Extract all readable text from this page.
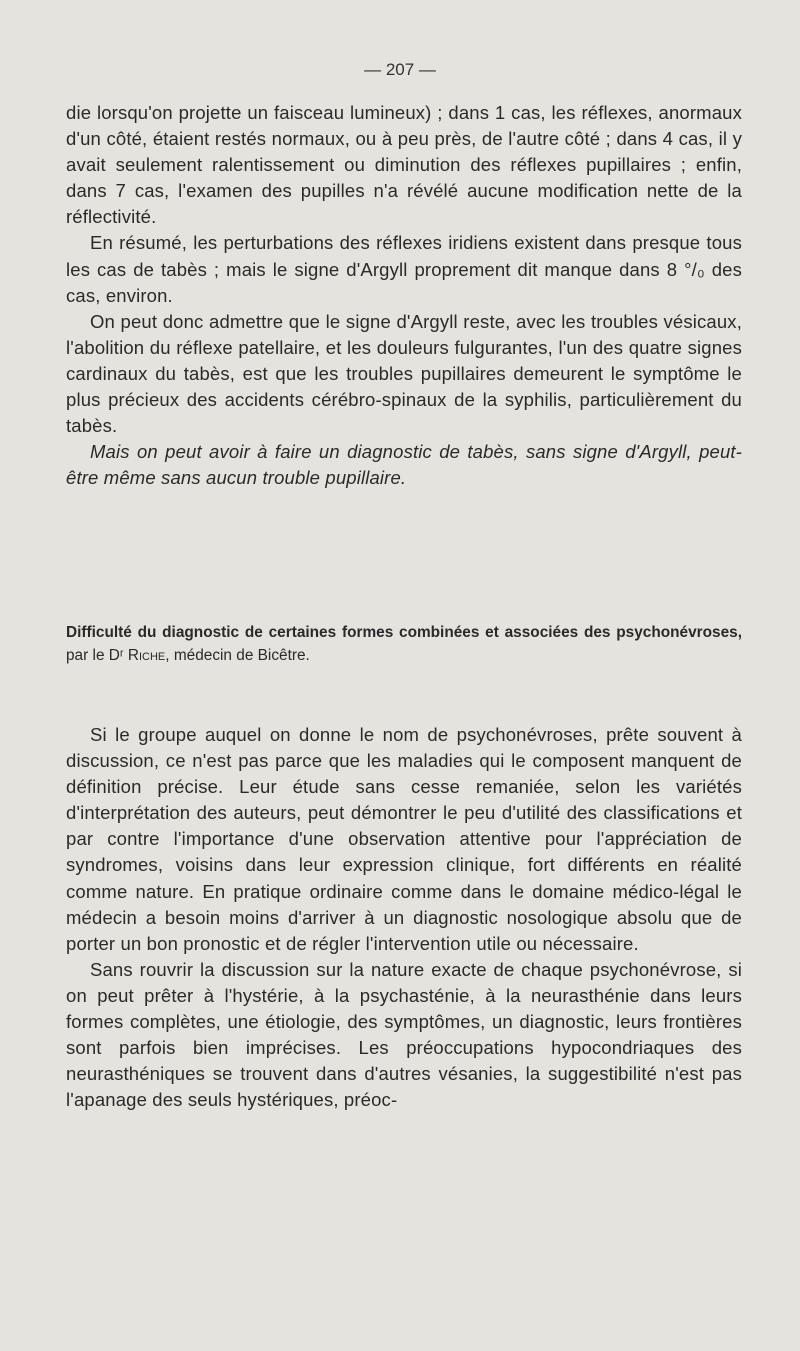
— 207 —

die lorsqu'on projette un faisceau lumineux) ; dans 1 cas, les réflexes, anormaux d'un côté, étaient restés normaux, ou à peu près, de l'autre côté ; dans 4 cas, il y avait seulement ralentissement ou diminution des réflexes pupillaires ; enfin, dans 7 cas, l'examen des pupilles n'a révélé aucune modification nette de la réflectivité.

En résumé, les perturbations des réflexes iridiens existent dans presque tous les cas de tabès ; mais le signe d'Argyll proprement dit manque dans 8 °/₀ des cas, environ.

On peut donc admettre que le signe d'Argyll reste, avec les troubles vésicaux, l'abolition du réflexe patellaire, et les douleurs fulgurantes, l'un des quatre signes cardinaux du tabès, est que les troubles pupillaires demeurent le symptôme le plus précieux des accidents cérébro-spinaux de la syphilis, particulièrement du tabès.

Mais on peut avoir à faire un diagnostic de tabès, sans signe d'Argyll, peut-être même sans aucun trouble pupillaire.

Difficulté du diagnostic de certaines formes combinées et associées des psychonévroses, par le Dʳ Riche, médecin de Bicêtre.

Si le groupe auquel on donne le nom de psychonévroses, prête souvent à discussion, ce n'est pas parce que les maladies qui le composent manquent de définition précise. Leur étude sans cesse remaniée, selon les variétés d'interprétation des auteurs, peut démontrer le peu d'utilité des classifications et par contre l'importance d'une observation attentive pour l'appréciation de syndromes, voisins dans leur expression clinique, fort différents en réalité comme nature. En pratique ordinaire comme dans le domaine médico-légal le médecin a besoin moins d'arriver à un diagnostic nosologique absolu que de porter un bon pronostic et de régler l'intervention utile ou nécessaire.

Sans rouvrir la discussion sur la nature exacte de chaque psychonévrose, si on peut prêter à l'hystérie, à la psychasténie, à la neurasthénie dans leurs formes complètes, une étiologie, des symptômes, un diagnostic, leurs frontières sont parfois bien imprécises. Les préoccupations hypocondriaques des neurasthéniques se trouvent dans d'autres vésanies, la suggestibilité n'est pas l'apanage des seuls hystériques, préoc-
